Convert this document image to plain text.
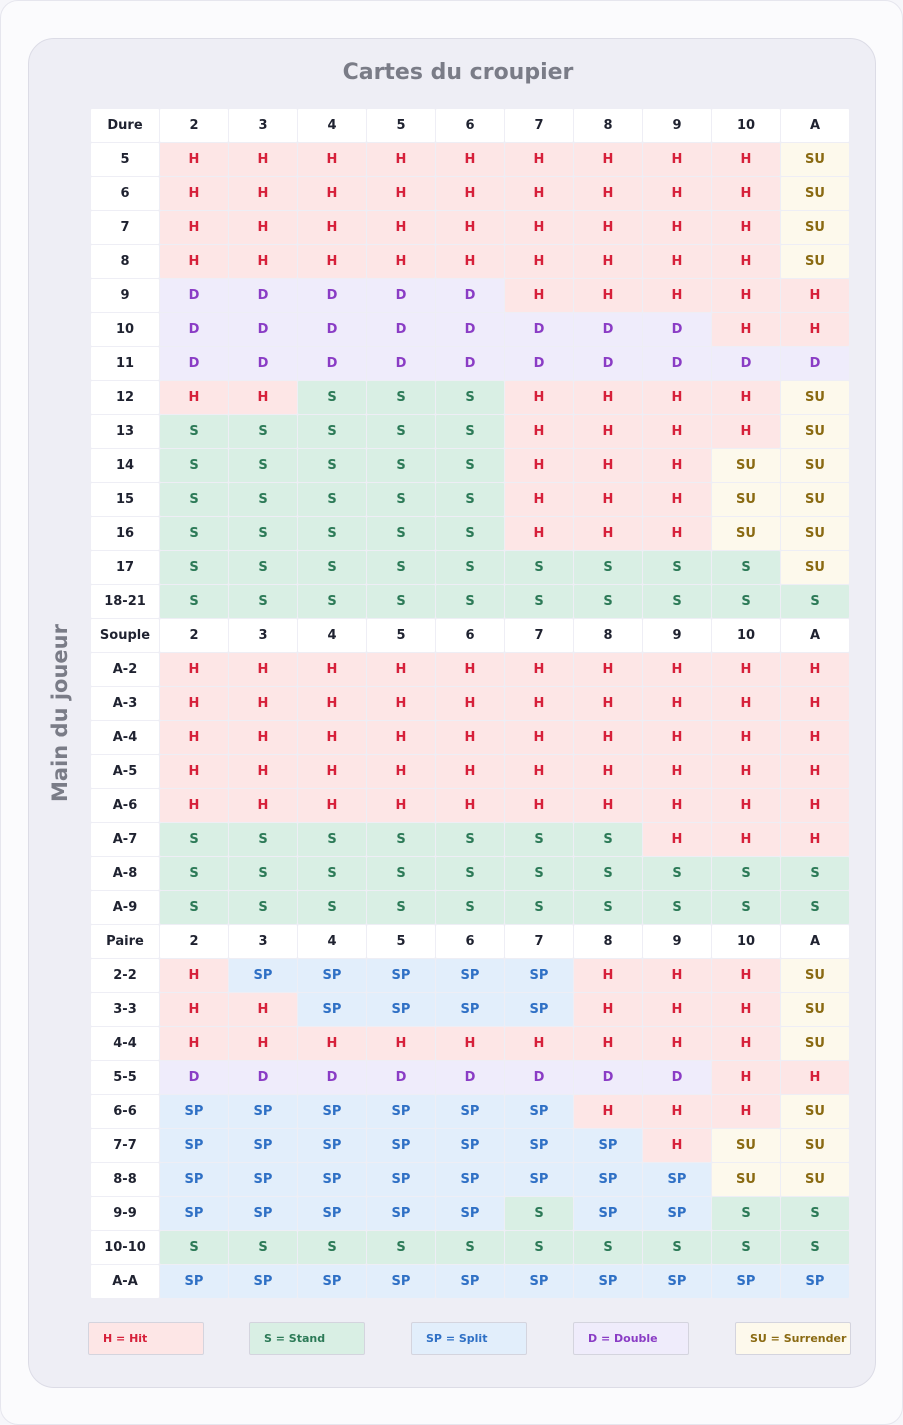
Cartes du croupier
Main du joueur
Dure	2	3	4	5	6	7	8	9	10	A
5	H	H	H	H	H	H	H	H	H	SU
6	H	H	H	H	H	H	H	H	H	SU
7	H	H	H	H	H	H	H	H	H	SU
8	H	H	H	H	H	H	H	H	H	SU
9	D	D	D	D	D	H	H	H	H	H
10	D	D	D	D	D	D	D	D	H	H
11	D	D	D	D	D	D	D	D	D	D
12	H	H	S	S	S	H	H	H	H	SU
13	S	S	S	S	S	H	H	H	H	SU
14	S	S	S	S	S	H	H	H	SU	SU
15	S	S	S	S	S	H	H	H	SU	SU
16	S	S	S	S	S	H	H	H	SU	SU
17	S	S	S	S	S	S	S	S	S	SU
18-21	S	S	S	S	S	S	S	S	S	S
Souple	2	3	4	5	6	7	8	9	10	A
A-2	H	H	H	H	H	H	H	H	H	H
A-3	H	H	H	H	H	H	H	H	H	H
A-4	H	H	H	H	H	H	H	H	H	H
A-5	H	H	H	H	H	H	H	H	H	H
A-6	H	H	H	H	H	H	H	H	H	H
A-7	S	S	S	S	S	S	S	H	H	H
A-8	S	S	S	S	S	S	S	S	S	S
A-9	S	S	S	S	S	S	S	S	S	S
Paire	2	3	4	5	6	7	8	9	10	A
2-2	H	SP	SP	SP	SP	SP	H	H	H	SU
3-3	H	H	SP	SP	SP	SP	H	H	H	SU
4-4	H	H	H	H	H	H	H	H	H	SU
5-5	D	D	D	D	D	D	D	D	H	H
6-6	SP	SP	SP	SP	SP	SP	H	H	H	SU
7-7	SP	SP	SP	SP	SP	SP	SP	H	SU	SU
8-8	SP	SP	SP	SP	SP	SP	SP	SP	SU	SU
9-9	SP	SP	SP	SP	SP	S	SP	SP	S	S
10-10	S	S	S	S	S	S	S	S	S	S
A-A	SP	SP	SP	SP	SP	SP	SP	SP	SP	SP
H = Hit	S = Stand	SP = Split	D = Double	SU = Surrender
